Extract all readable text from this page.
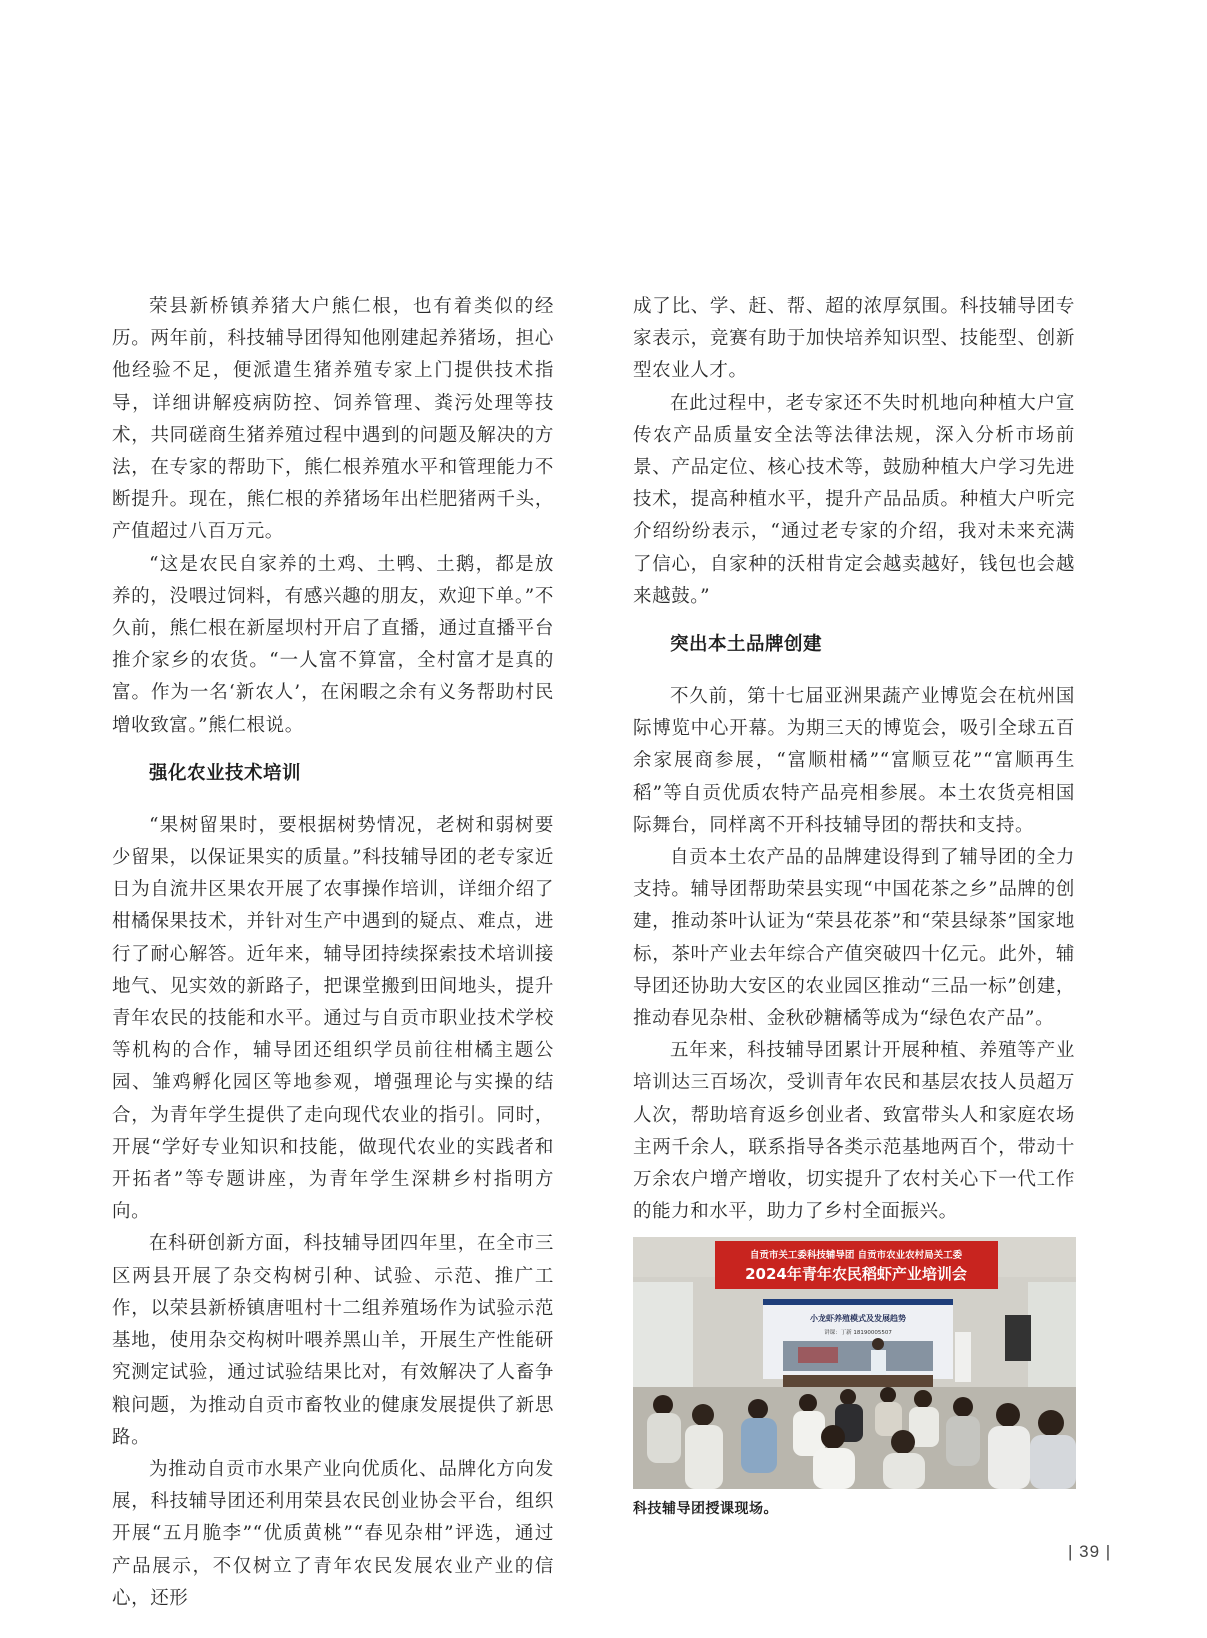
荣县新桥镇养猪大户熊仁根，也有着类似的经历。两年前，科技辅导团得知他刚建起养猪场，担心他经验不足，便派遣生猪养殖专家上门提供技术指导，详细讲解疫病防控、饲养管理、粪污处理等技术，共同磋商生猪养殖过程中遇到的问题及解决的方法，在专家的帮助下，熊仁根养殖水平和管理能力不断提升。现在，熊仁根的养猪场年出栏肥猪两千头，产值超过八百万元。

“这是农民自家养的土鸡、土鸭、土鹅，都是放养的，没喂过饲料，有感兴趣的朋友，欢迎下单。”不久前，熊仁根在新屋坝村开启了直播，通过直播平台推介家乡的农货。“一人富不算富，全村富才是真的富。作为一名‘新农人’，在闲暇之余有义务帮助村民增收致富。”熊仁根说。

强化农业技术培训

“果树留果时，要根据树势情况，老树和弱树要少留果，以保证果实的质量。”科技辅导团的老专家近日为自流井区果农开展了农事操作培训，详细介绍了柑橘保果技术，并针对生产中遇到的疑点、难点，进行了耐心解答。近年来，辅导团持续探索技术培训接地气、见实效的新路子，把课堂搬到田间地头，提升青年农民的技能和水平。通过与自贡市职业技术学校等机构的合作，辅导团还组织学员前往柑橘主题公园、雏鸡孵化园区等地参观，增强理论与实操的结合，为青年学生提供了走向现代农业的指引。同时，开展“学好专业知识和技能，做现代农业的实践者和开拓者”等专题讲座，为青年学生深耕乡村指明方向。

在科研创新方面，科技辅导团四年里，在全市三区两县开展了杂交构树引种、试验、示范、推广工作，以荣县新桥镇唐咀村十二组养殖场作为试验示范基地，使用杂交构树叶喂养黑山羊，开展生产性能研究测定试验，通过试验结果比对，有效解决了人畜争粮问题，为推动自贡市畜牧业的健康发展提供了新思路。

为推动自贡市水果产业向优质化、品牌化方向发展，科技辅导团还利用荣县农民创业协会平台，组织开展“五月脆李”“优质黄桃”“春见杂柑”评选，通过产品展示，不仅树立了青年农民发展农业产业的信心，还形

成了比、学、赶、帮、超的浓厚氛围。科技辅导团专家表示，竞赛有助于加快培养知识型、技能型、创新型农业人才。

在此过程中，老专家还不失时机地向种植大户宣传农产品质量安全法等法律法规，深入分析市场前景、产品定位、核心技术等，鼓励种植大户学习先进技术，提高种植水平，提升产品品质。种植大户听完介绍纷纷表示，“通过老专家的介绍，我对未来充满了信心，自家种的沃柑肯定会越卖越好，钱包也会越来越鼓。”

突出本土品牌创建

不久前，第十七届亚洲果蔬产业博览会在杭州国际博览中心开幕。为期三天的博览会，吸引全球五百余家展商参展，“富顺柑橘”“富顺豆花”“富顺再生稻”等自贡优质农特产品亮相参展。本土农货亮相国际舞台，同样离不开科技辅导团的帮扶和支持。

自贡本土农产品的品牌建设得到了辅导团的全力支持。辅导团帮助荣县实现“中国花茶之乡”品牌的创建，推动茶叶认证为“荣县花茶”和“荣县绿茶”国家地标，茶叶产业去年综合产值突破四十亿元。此外，辅导团还协助大安区的农业园区推动“三品一标”创建，推动春见杂柑、金秋砂糖橘等成为“绿色农产品”。

五年来，科技辅导团累计开展种植、养殖等产业培训达三百场次，受训青年农民和基层农技人员超万人次，帮助培育返乡创业者、致富带头人和家庭农场主两千余人，联系指导各类示范基地两百个，带动十万余农户增产增收，切实提升了农村关心下一代工作的能力和水平，助力了乡村全面振兴。

自贡市关工委科技辅导团 自贡市农业农村局关工委
2024年青年农民稻虾产业培训会
小龙虾养殖模式及发展趋势
讲课：丁新 18190005507
科技辅导团授课现场。
| 39 |
